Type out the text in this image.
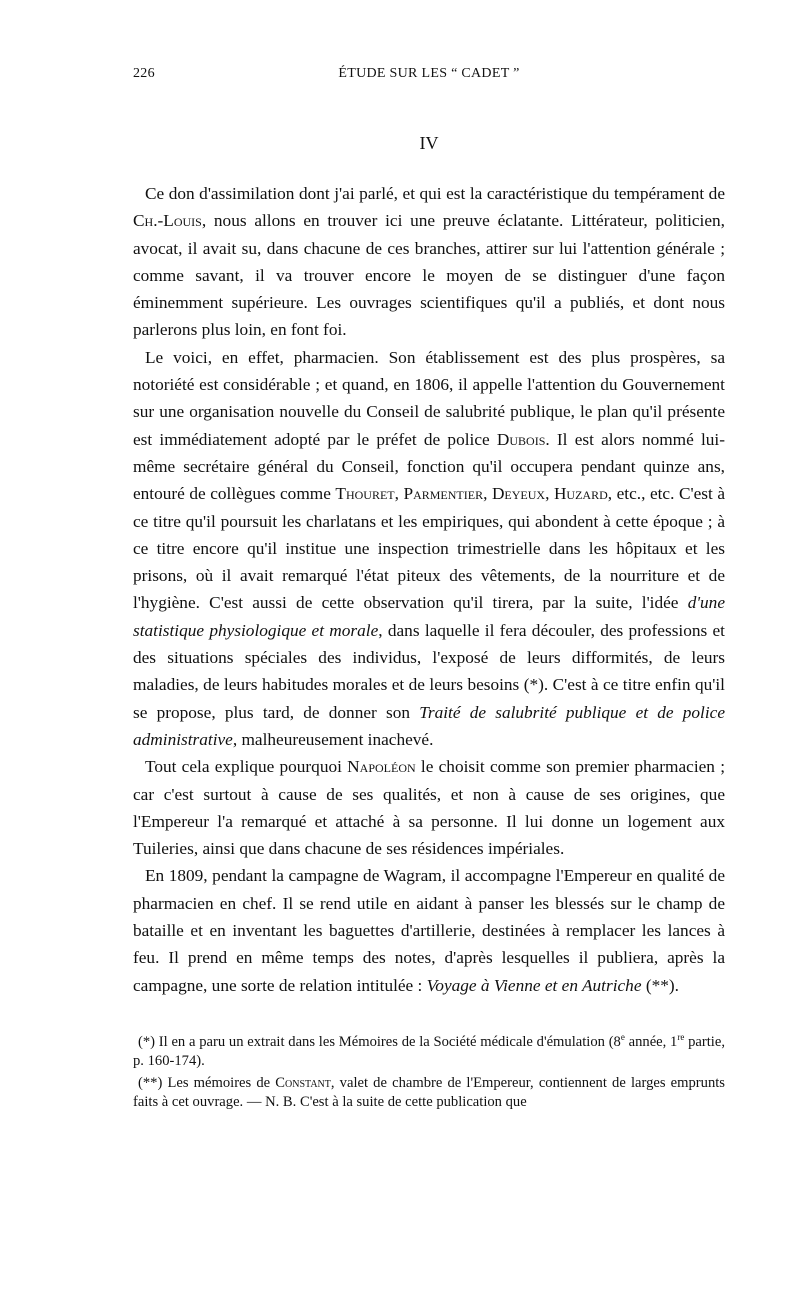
226	ÉTUDE SUR LES “ CADET ”
IV

Ce don d'assimilation dont j'ai parlé, et qui est la caractéristique du tempérament de Ch.-Louis, nous allons en trouver ici une preuve éclatante. Littérateur, politicien, avocat, il avait su, dans chacune de ces branches, attirer sur lui l'attention générale ; comme savant, il va trouver encore le moyen de se distinguer d'une façon éminemment supérieure. Les ouvrages scientifiques qu'il a publiés, et dont nous parlerons plus loin, en font foi.

Le voici, en effet, pharmacien. Son établissement est des plus prospères, sa notoriété est considérable ; et quand, en 1806, il appelle l'attention du Gouvernement sur une organisation nouvelle du Conseil de salubrité publique, le plan qu'il présente est immédiatement adopté par le préfet de police Dubois. Il est alors nommé lui-même secrétaire général du Conseil, fonction qu'il occupera pendant quinze ans, entouré de collègues comme Thouret, Parmentier, Deyeux, Huzard, etc., etc. C'est à ce titre qu'il poursuit les charlatans et les empiriques, qui abondent à cette époque ; à ce titre encore qu'il institue une inspection trimestrielle dans les hôpitaux et les prisons, où il avait remarqué l'état piteux des vêtements, de la nourriture et de l'hygiène. C'est aussi de cette observation qu'il tirera, par la suite, l'idée d'une statistique physiologique et morale, dans laquelle il fera découler, des professions et des situations spéciales des individus, l'exposé de leurs difformités, de leurs maladies, de leurs habitudes morales et de leurs besoins (*). C'est à ce titre enfin qu'il se propose, plus tard, de donner son Traité de salubrité publique et de police administrative, malheureusement inachevé.

Tout cela explique pourquoi Napoléon le choisit comme son premier pharmacien ; car c'est surtout à cause de ses qualités, et non à cause de ses origines, que l'Empereur l'a remarqué et attaché à sa personne. Il lui donne un logement aux Tuileries, ainsi que dans chacune de ses résidences impériales.

En 1809, pendant la campagne de Wagram, il accompagne l'Empereur en qualité de pharmacien en chef. Il se rend utile en aidant à panser les blessés sur le champ de bataille et en inventant les baguettes d'artillerie, destinées à remplacer les lances à feu. Il prend en même temps des notes, d'après lesquelles il publiera, après la campagne, une sorte de relation intitulée : Voyage à Vienne et en Autriche (**).

(*) Il en a paru un extrait dans les Mémoires de la Société médicale d'émulation (8e année, 1re partie, p. 160-174).

(**) Les mémoires de Constant, valet de chambre de l'Empereur, contiennent de larges emprunts faits à cet ouvrage. — N. B. C'est à la suite de cette publication que
